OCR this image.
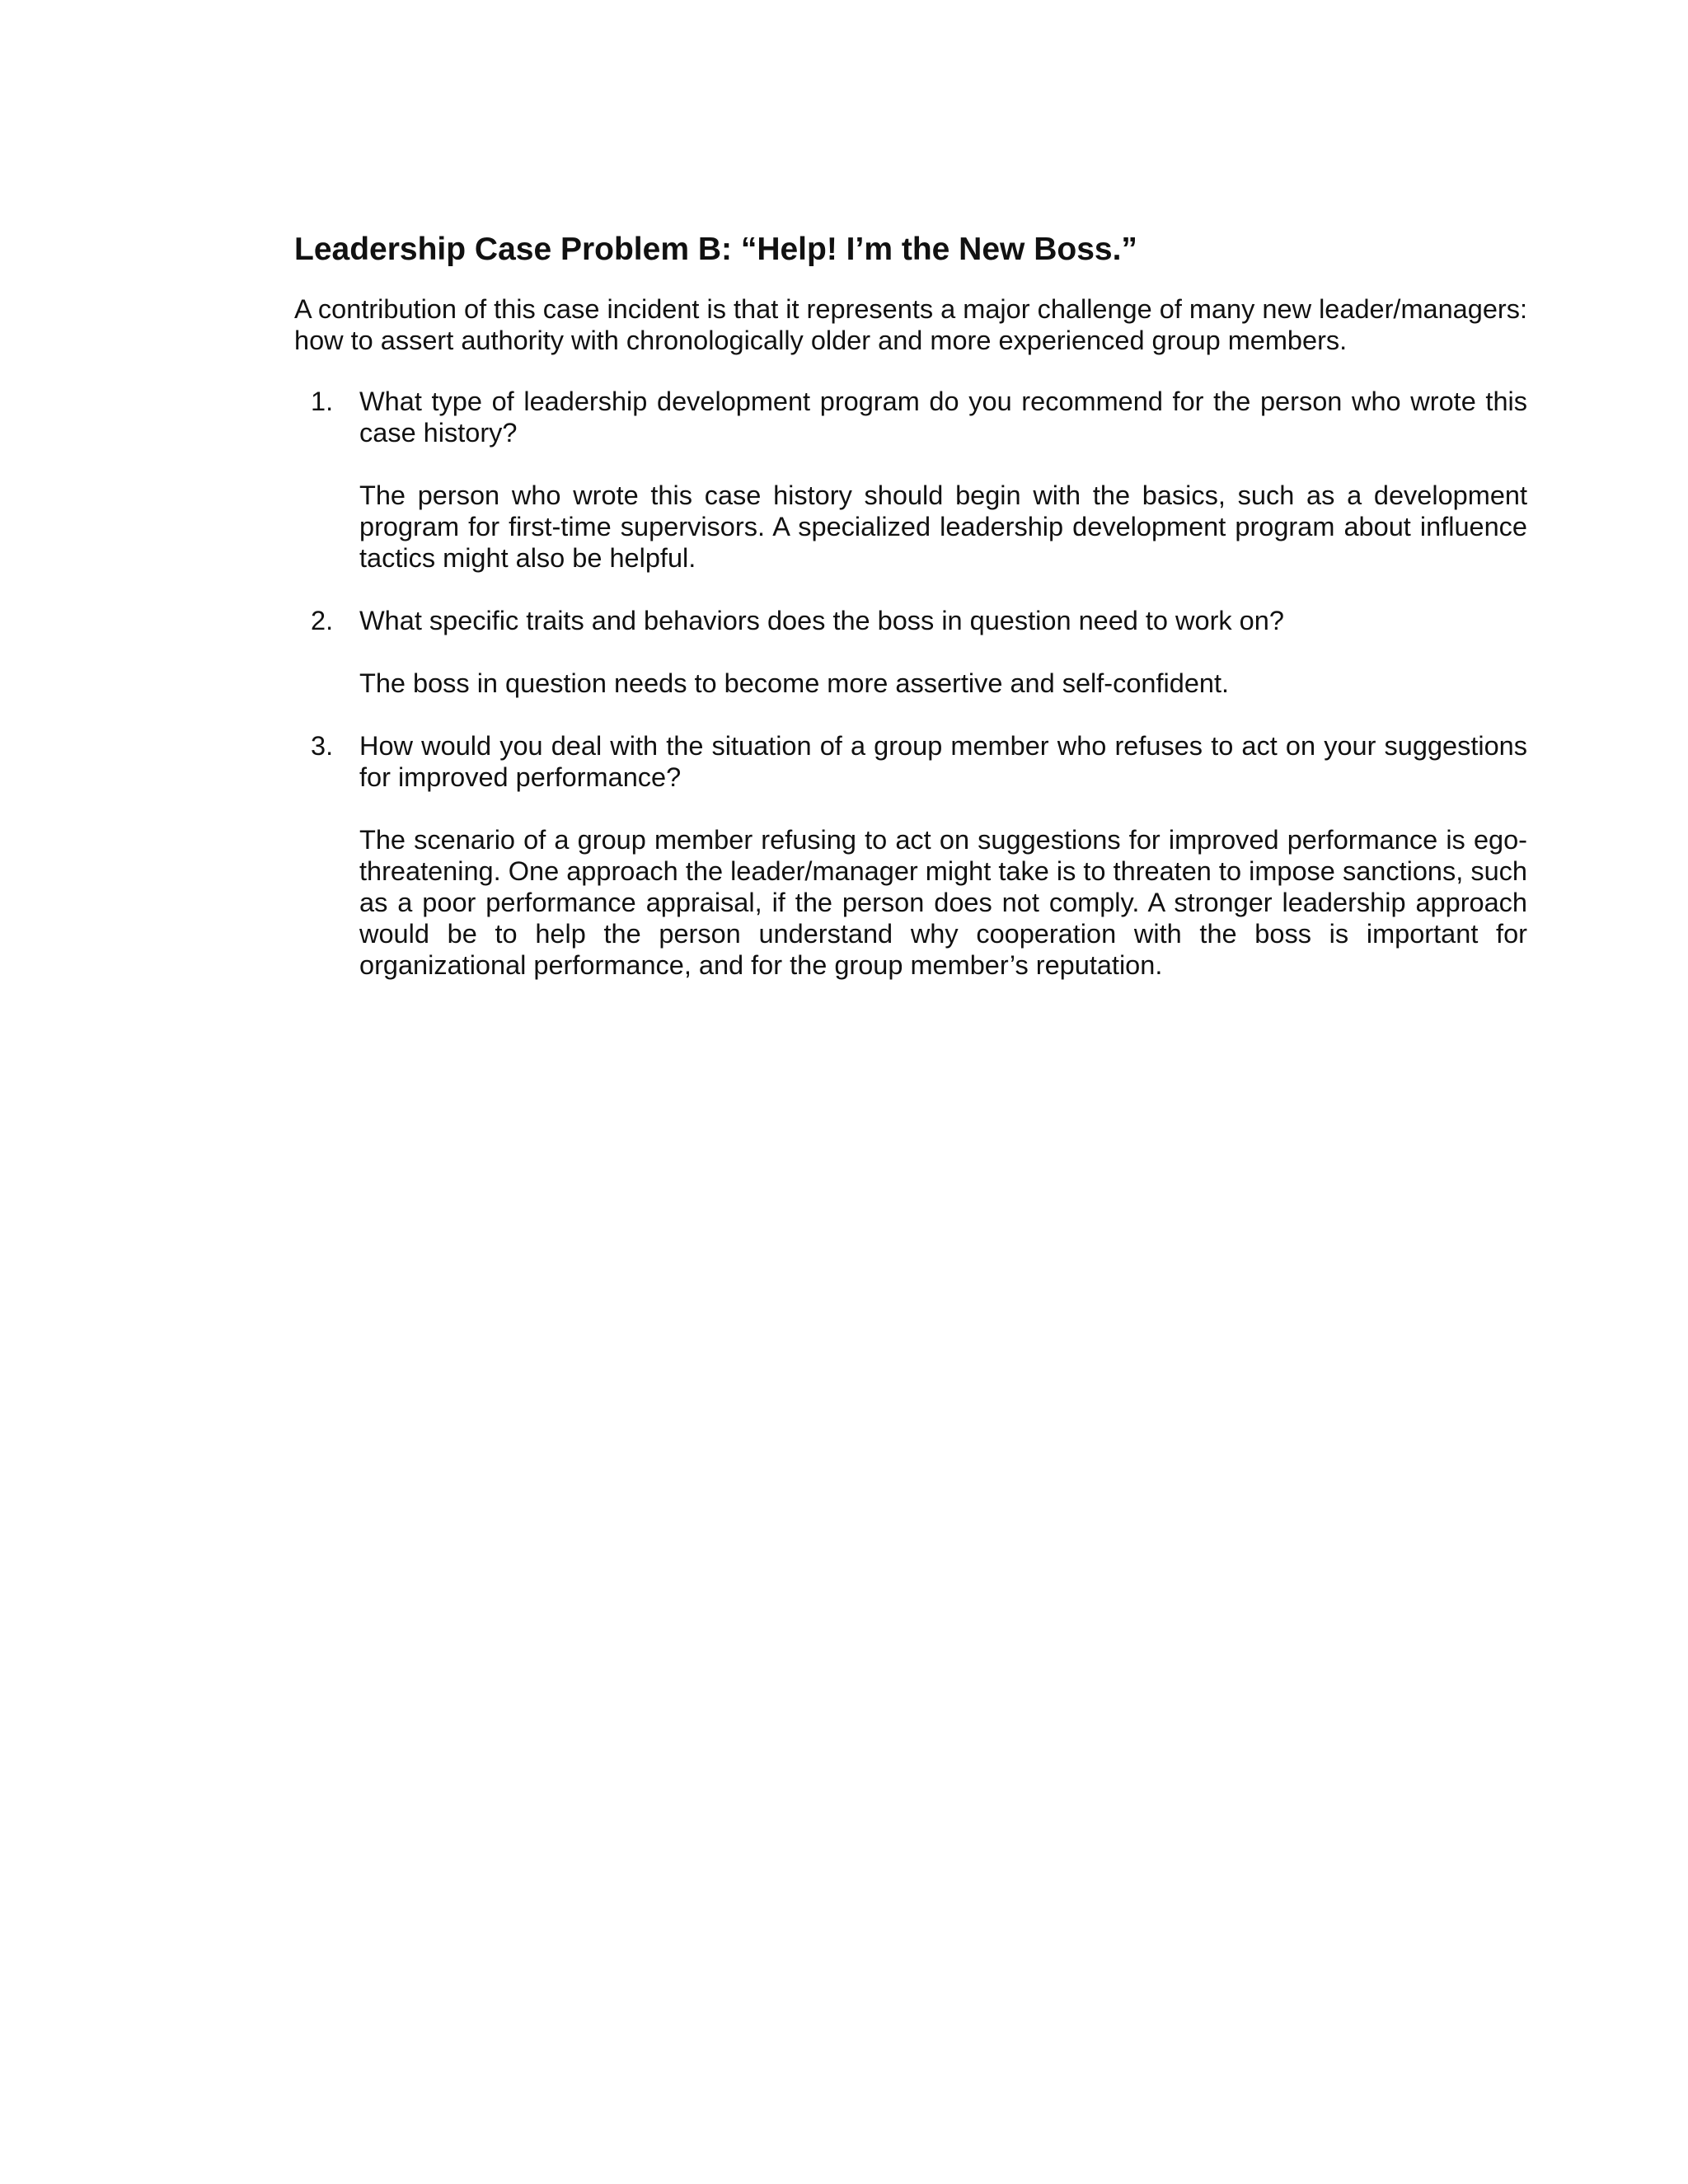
Leadership Case Problem B: “Help! I’m the New Boss.”

A contribution of this case incident is that it represents a major challenge of many new leader/managers: how to assert authority with chronologically older and more experienced group members.

1. What type of leadership development program do you recommend for the person who wrote this case history?

The person who wrote this case history should begin with the basics, such as a development program for first-time supervisors. A specialized leadership development program about influence tactics might also be helpful.

2. What specific traits and behaviors does the boss in question need to work on?

The boss in question needs to become more assertive and self-confident.

3. How would you deal with the situation of a group member who refuses to act on your suggestions for improved performance?

The scenario of a group member refusing to act on suggestions for improved performance is ego-threatening. One approach the leader/manager might take is to threaten to impose sanctions, such as a poor performance appraisal, if the person does not comply. A stronger leadership approach would be to help the person understand why cooperation with the boss is important for organizational performance, and for the group member’s reputation.
